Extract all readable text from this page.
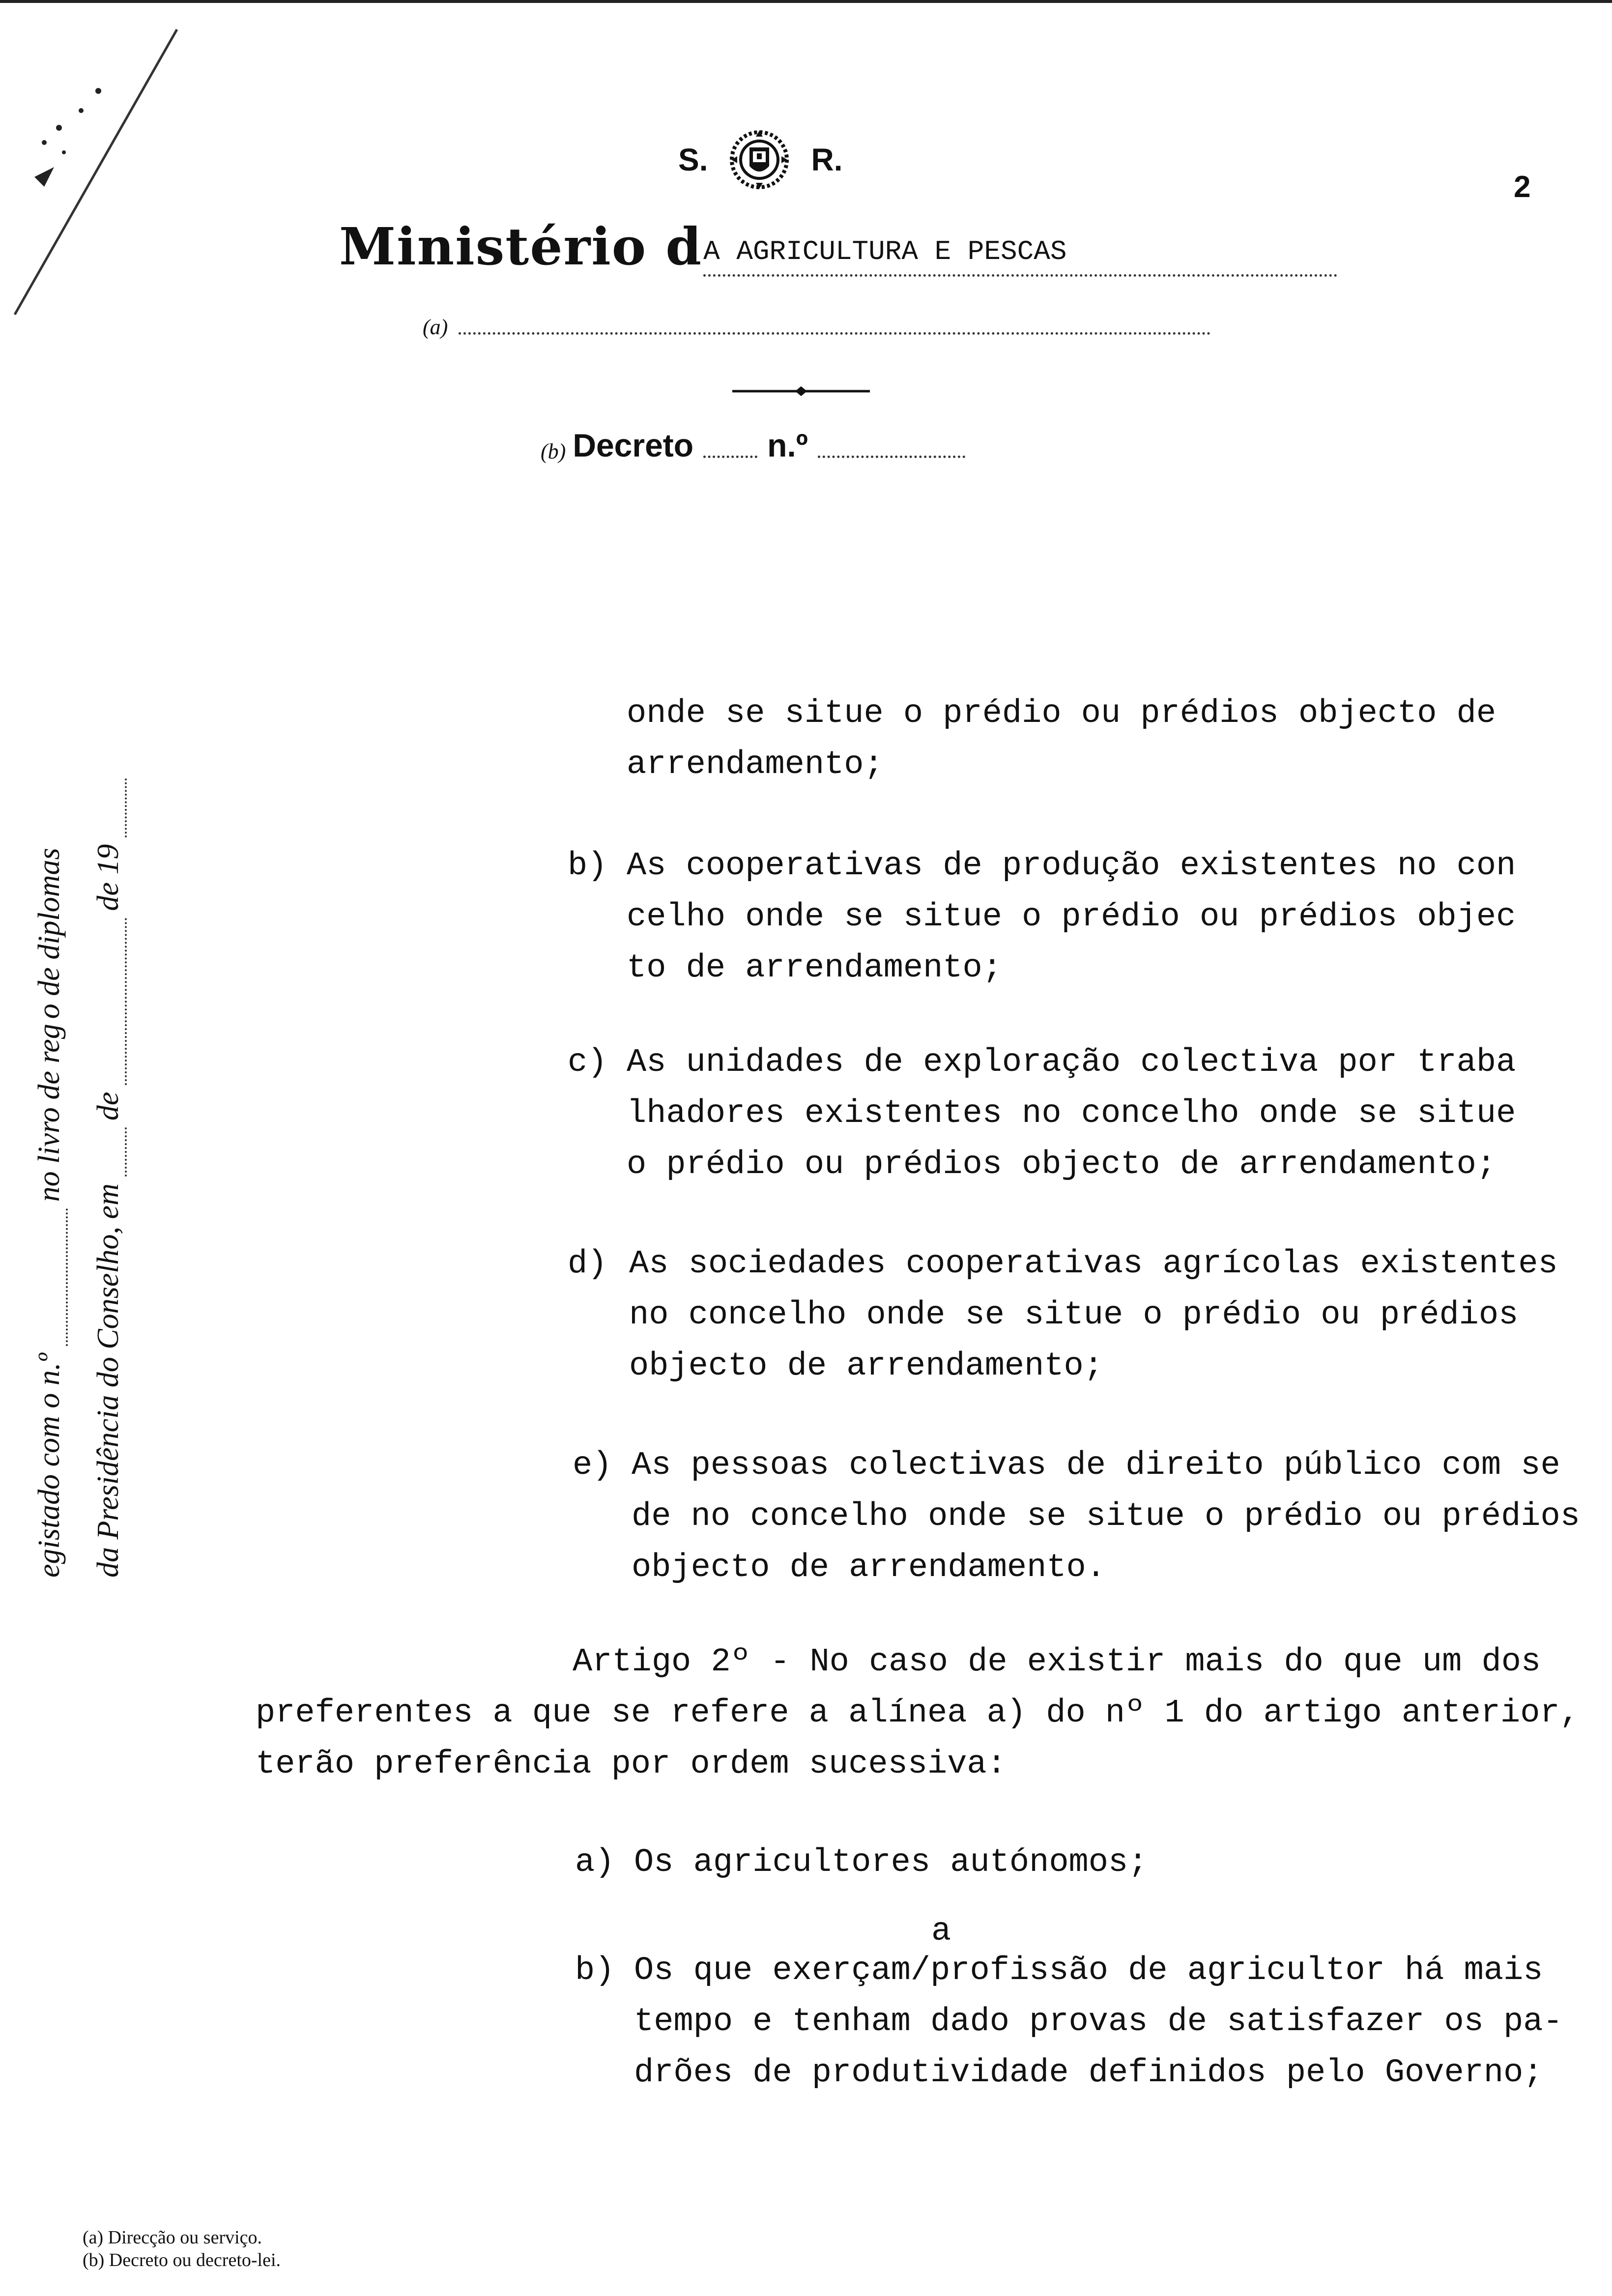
S.	R.
2
Ministério d A AGRICULTURA E PESCAS
(a)
(b) Decreto n.º
egistado com o n.º
no livro de reg
o de diplomas
da Presidência do Conselho, em
de
de 19
onde se situe o prédio ou prédios objecto de
arrendamento;
b) As cooperativas de produção existentes no con
celho onde se situe o prédio ou prédios objec
to de arrendamento;
c) As unidades de exploração colectiva por traba
lhadores existentes no concelho onde se situe
o prédio ou prédios objecto de arrendamento;
d) As sociedades cooperativas agrícolas existentes
no concelho onde se situe o prédio ou prédios
objecto de arrendamento;
e) As pessoas colectivas de direito público com se
de no concelho onde se situe o prédio ou prédios
objecto de arrendamento.
Artigo 2º - No caso de existir mais do que um dos
preferentes a que se refere a alínea a) do nº 1 do artigo anterior,
terão preferência por ordem sucessiva:
a) Os agricultores autónomos;
a
b) Os que exerçam/profissão de agricultor há mais
tempo e tenham dado provas de satisfazer os pa-
drões de produtividade definidos pelo Governo;
(a) Direcção ou serviço.
(b) Decreto ou decreto-lei.
